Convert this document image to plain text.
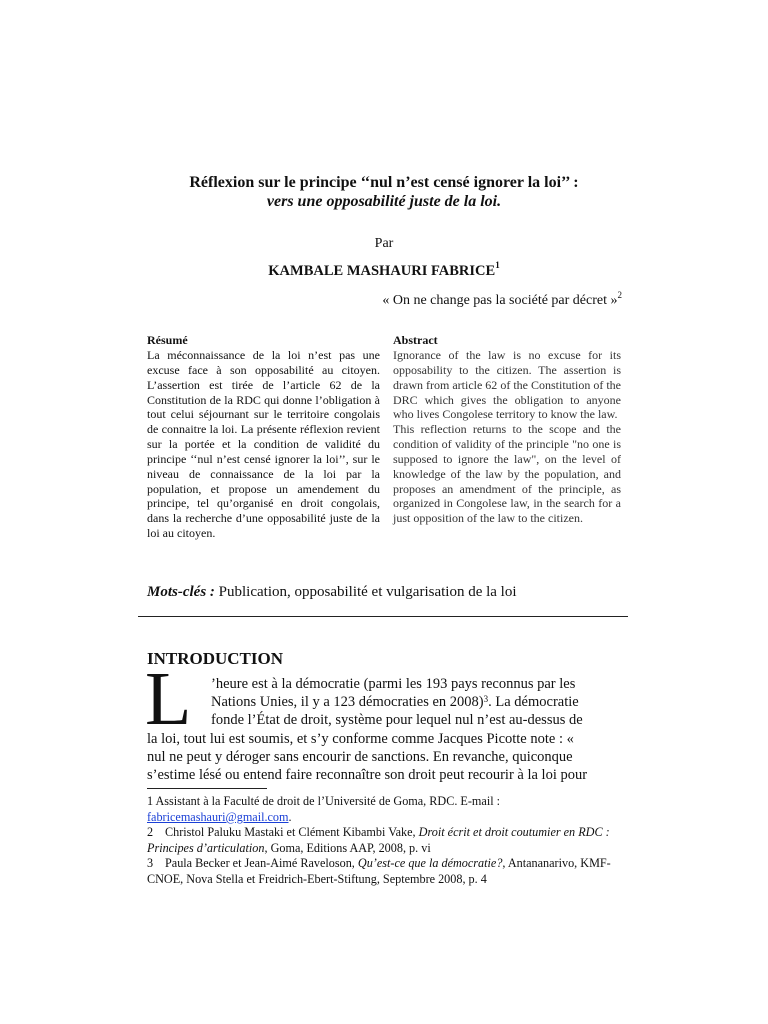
Réflexion sur le principe ‘‘nul n’est censé ignorer la loi’’ :
vers une opposabilité juste de la loi.
Par
KAMBALE MASHAURI FABRICE$^1$
« On ne change pas la société par décret »$^2$
Résumé
La méconnaissance de la loi n’est pas une excuse face à son opposabilité au citoyen. L’assertion est tirée de l’article 62 de la Constitution de la RDC qui donne l’obligation à tout celui séjournant sur le territoire congolais de connaitre la loi. La présente réflexion revient sur la portée et la condition de validité du principe ‘‘nul n’est censé ignorer la loi’’, sur le niveau de connaissance de la loi par la population, et propose un amendement du principe, tel qu’organisé en droit congolais, dans la recherche d’une opposabilité juste de la loi au citoyen.
Abstract
Ignorance of the law is no excuse for its opposability to the citizen. The assertion is drawn from article 62 of the Constitution of the DRC which gives the obligation to anyone who lives Congolese territory to know the law.
This reflection returns to the scope and the condition of validity of the principle "no one is supposed to ignore the law", on the level of knowledge of the law by the population, and proposes an amendment of the principle, as organized in Congolese law, in the search for a just opposition of the law to the citizen.
Mots-clés : Publication, opposabilité et vulgarisation de la loi
INTRODUCTION
L	’heure est à la démocratie (parmi les 193 pays reconnus par les
Nations Unies, il y a 123 démocraties en 2008)$^3$. La démocratie
fonde l’État de droit, système pour lequel nul n’est au-dessus de
la loi, tout lui est soumis, et s’y conforme comme Jacques Picotte note : «
nul ne peut y déroger sans encourir de sanctions. En revanche, quiconque
s’estime lésé ou entend faire reconnaître son droit peut recourir à la loi pour
1 Assistant à la Faculté de droit de l’Université de Goma, RDC. E-mail :
fabricemashauri@gmail.com.
2 Christol Paluku Mastaki et Clément Kibambi Vake, Droit écrit et droit coutumier en RDC : Principes d’articulation, Goma, Editions AAP, 2008, p. vi
3 Paula Becker et Jean-Aimé Raveloson, Qu’est-ce que la démocratie?, Antananarivo, KMF-CNOE, Nova Stella et Freidrich-Ebert-Stiftung, Septembre 2008, p. 4
